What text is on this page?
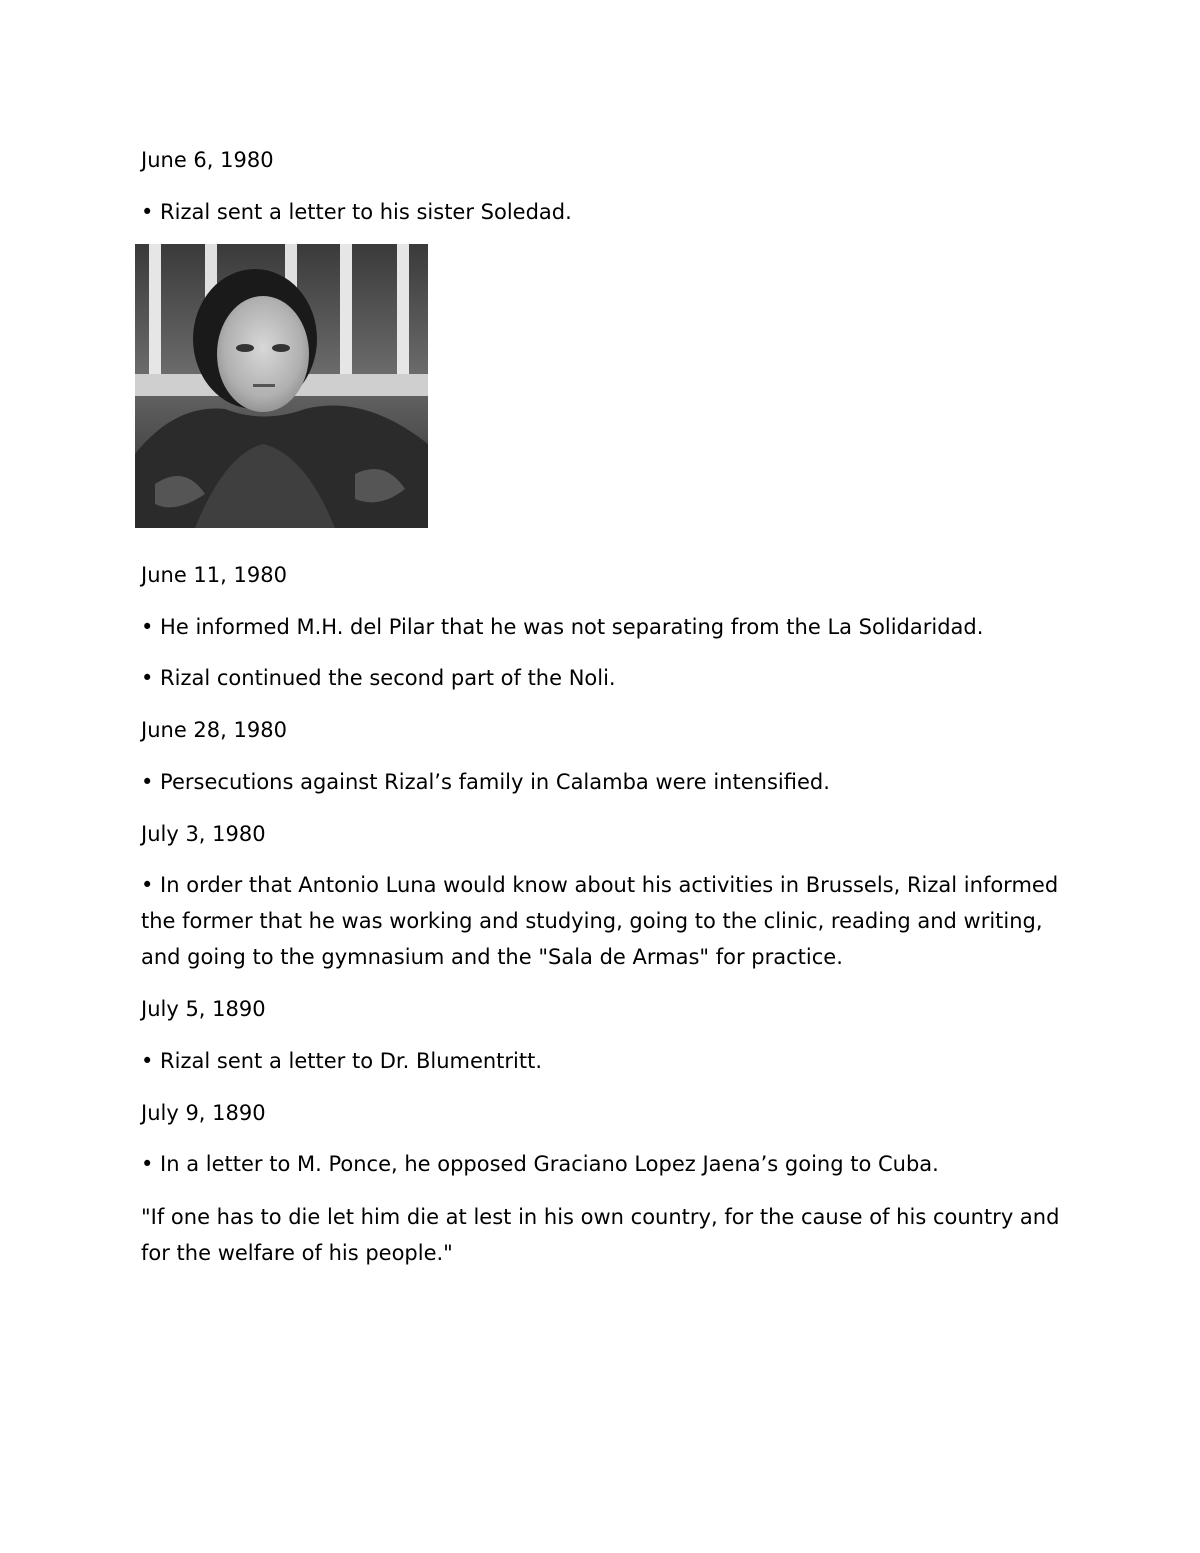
June 6, 1980
• Rizal sent a letter to his sister Soledad.
June 11, 1980
• He informed M.H. del Pilar that he was not separating from the La Solidaridad.
• Rizal continued the second part of the Noli.
June 28, 1980
• Persecutions against Rizal’s family in Calamba were intensified.
July 3, 1980
• In order that Antonio Luna would know about his activities in Brussels, Rizal informed the former that he was working and studying, going to the clinic, reading and writing, and going to the gymnasium and the "Sala de Armas" for practice.
July 5, 1890
• Rizal sent a letter to Dr. Blumentritt.
July 9, 1890
• In a letter to M. Ponce, he opposed Graciano Lopez Jaena’s going to Cuba.
"If one has to die let him die at lest in his own country, for the cause of his country and for the welfare of his people."
